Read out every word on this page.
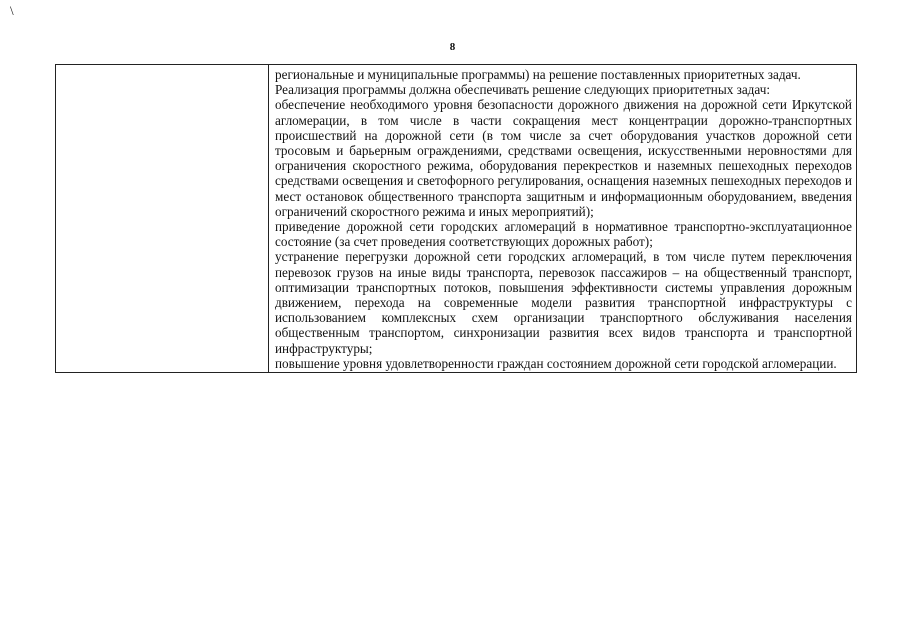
\
8

региональные и муниципальные программы) на решение поставленных приоритетных задач.

Реализация программы должна обеспечивать решение следующих приоритетных задач:

обеспечение необходимого уровня безопасности дорожного движения на дорожной сети Иркутской агломерации, в том числе в части сокращения мест концентрации дорожно-транспортных происшествий на дорожной сети (в том числе за счет оборудования участков дорожной сети тросовым и барьерным ограждениями, средствами освещения, искусственными неровностями для ограничения скоростного режима, оборудования перекрестков и наземных пешеходных переходов средствами освещения и светофорного регулирования, оснащения наземных пешеходных переходов и мест остановок общественного транспорта защитным и информационным оборудованием, введения ограничений скоростного режима и иных мероприятий);

приведение дорожной сети городских агломераций в нормативное транспортно-эксплуатационное состояние (за счет проведения соответствующих дорожных работ);

устранение перегрузки дорожной сети городских агломераций, в том числе путем переключения перевозок грузов на иные виды транспорта, перевозок пассажиров – на общественный транспорт, оптимизации транспортных потоков, повышения эффективности системы управления дорожным движением, перехода на современные модели развития транспортной инфраструктуры с использованием комплексных схем организации транспортного обслуживания населения общественным транспортом, синхронизации развития всех видов транспорта и транспортной инфраструктуры;

повышение уровня удовлетворенности граждан состоянием дорожной сети городской агломерации.
